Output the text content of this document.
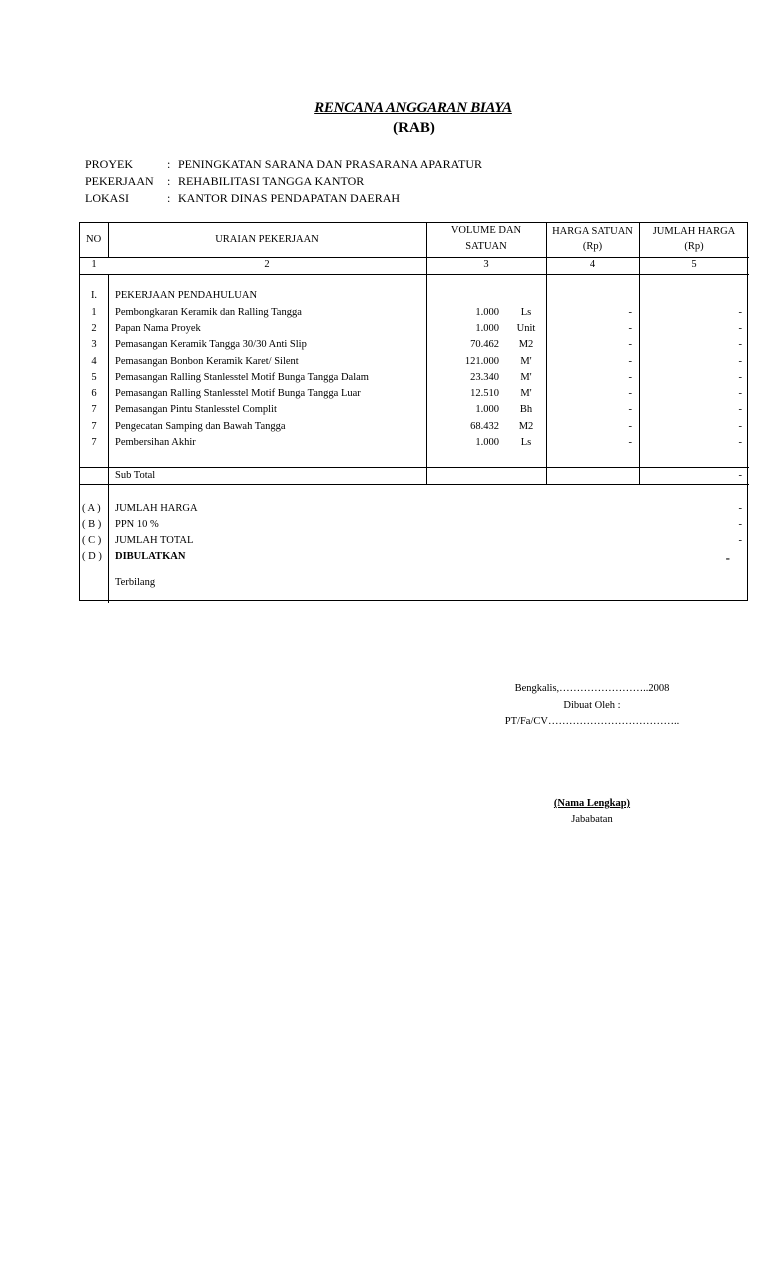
RENCANA ANGGARAN BIAYA
(RAB)
PROYEK	: PENINGKATAN SARANA DAN PRASARANA APARATUR
PEKERJAAN : REHABILITASI TANGGA KANTOR
LOKASI	: KANTOR DINAS PENDAPATAN DAERAH
NO	URAIAN PEKERJAAN
VOLUME DAN
SATUAN
HARGA SATUAN
(Rp)
JUMLAH HARGA
(Rp)
1	2	3	4	5
I.	PEKERJAAN PENDAHULUAN
1	Pembongkaran Keramik dan Ralling Tangga	1.000	Ls	-	-
2	Papan Nama Proyek	1.000	Unit	-	-
3	Pemasangan Keramik Tangga 30/30 Anti Slip	70.462	M2	-	-
4	Pemasangan Bonbon Keramik Karet/ Silent	121.000	M'	-	-
5	Pemasangan Ralling Stanlesstel Motif Bunga Tangga Dalam	23.340	M'	-	-
6	Pemasangan Ralling Stanlesstel Motif Bunga Tangga Luar	12.510	M'	-	-
7	Pemasangan Pintu Stanlesstel Complit	1.000	Bh	-	-
7	Pengecatan Samping dan Bawah Tangga	68.432	M2	-	-
7	Pembersihan Akhir	1.000	Ls	-	-
Sub Total	-
( A ) JUMLAH HARGA	-
( B ) PPN 10 %	-
( C ) JUMLAH TOTAL	-
( D ) DIBULATKAN	-
Terbilang
Bengkalis,……………………..2008
Dibuat Oleh :
PT/Fa/CV………………………………..
(Nama Lengkap)
Jababatan
